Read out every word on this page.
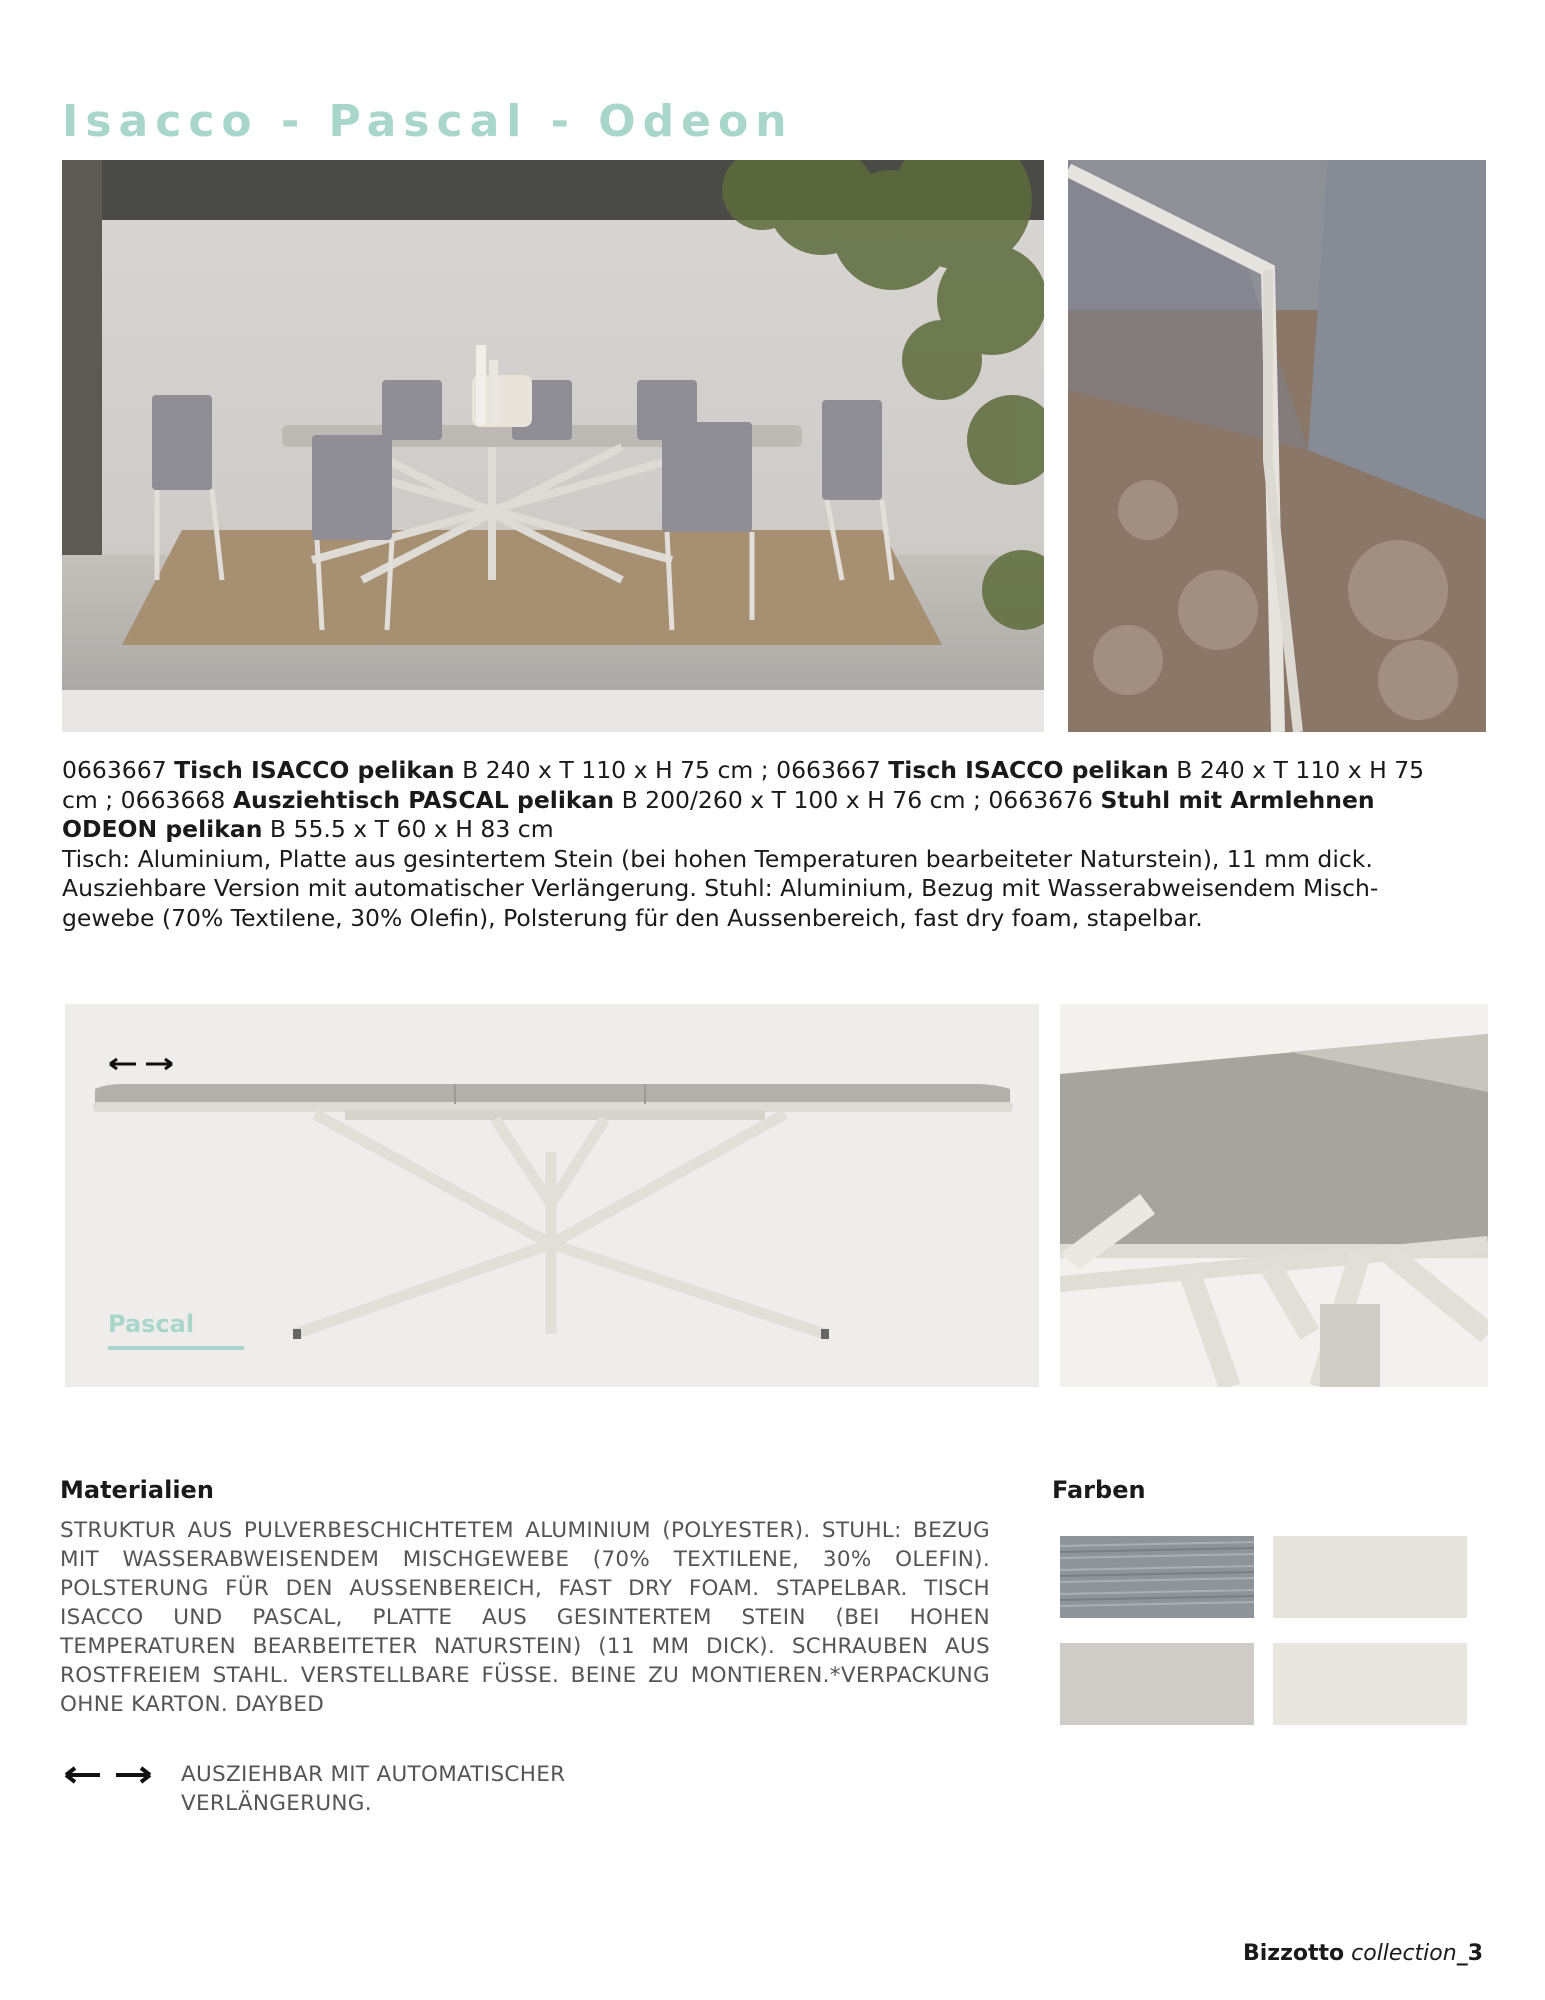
Isacco - Pascal - Odeon
0663667 Tisch ISACCO pelikan B 240 x T 110 x H 75 cm ; 0663667 Tisch ISACCO pelikan B 240 x T 110 x H 75 cm ; 0663668 Ausziehtisch PASCAL pelikan B 200/260 x T 100 x H 76 cm ; 0663676 Stuhl mit Armlehnen ODEON pelikan B 55.5 x T 60 x H 83 cm
Tisch: Aluminium, Platte aus gesintertem Stein (bei hohen Temperaturen bearbeiteter Naturstein), 11 mm dick. Ausziehbare Version mit automatischer Verlängerung. Stuhl: Aluminium, Bezug mit Wasserabweisendem Misch-gewebe (70% Textilene, 30% Olefin), Polsterung für den Aussenbereich, fast dry foam, stapelbar.
Pascal
Materialien
STRUKTUR AUS PULVERBESCHICHTETEM ALUMINIUM (POLYESTER). STUHL: BEZUG MIT WASSERABWEISENDEM MISCHGEWEBE (70% TEXTILENE, 30% OLEFIN). POLSTERUNG FÜR DEN AUSSENBEREICH, FAST DRY FOAM. STAPELBAR. TISCH ISACCO UND PASCAL, PLATTE AUS GESINTERTEM STEIN (BEI HOHEN TEMPERATUREN BEARBEITETER NATURSTEIN) (11 MM DICK). SCHRAUBEN AUS ROSTFREIEM STAHL. VERSTELLBARE FÜSSE. BEINE ZU MONTIEREN.*VERPACKUNG OHNE KARTON. DAYBED
Farben
AUSZIEHBAR MIT AUTOMATISCHER
VERLÄNGERUNG.
Bizzotto collection_3
